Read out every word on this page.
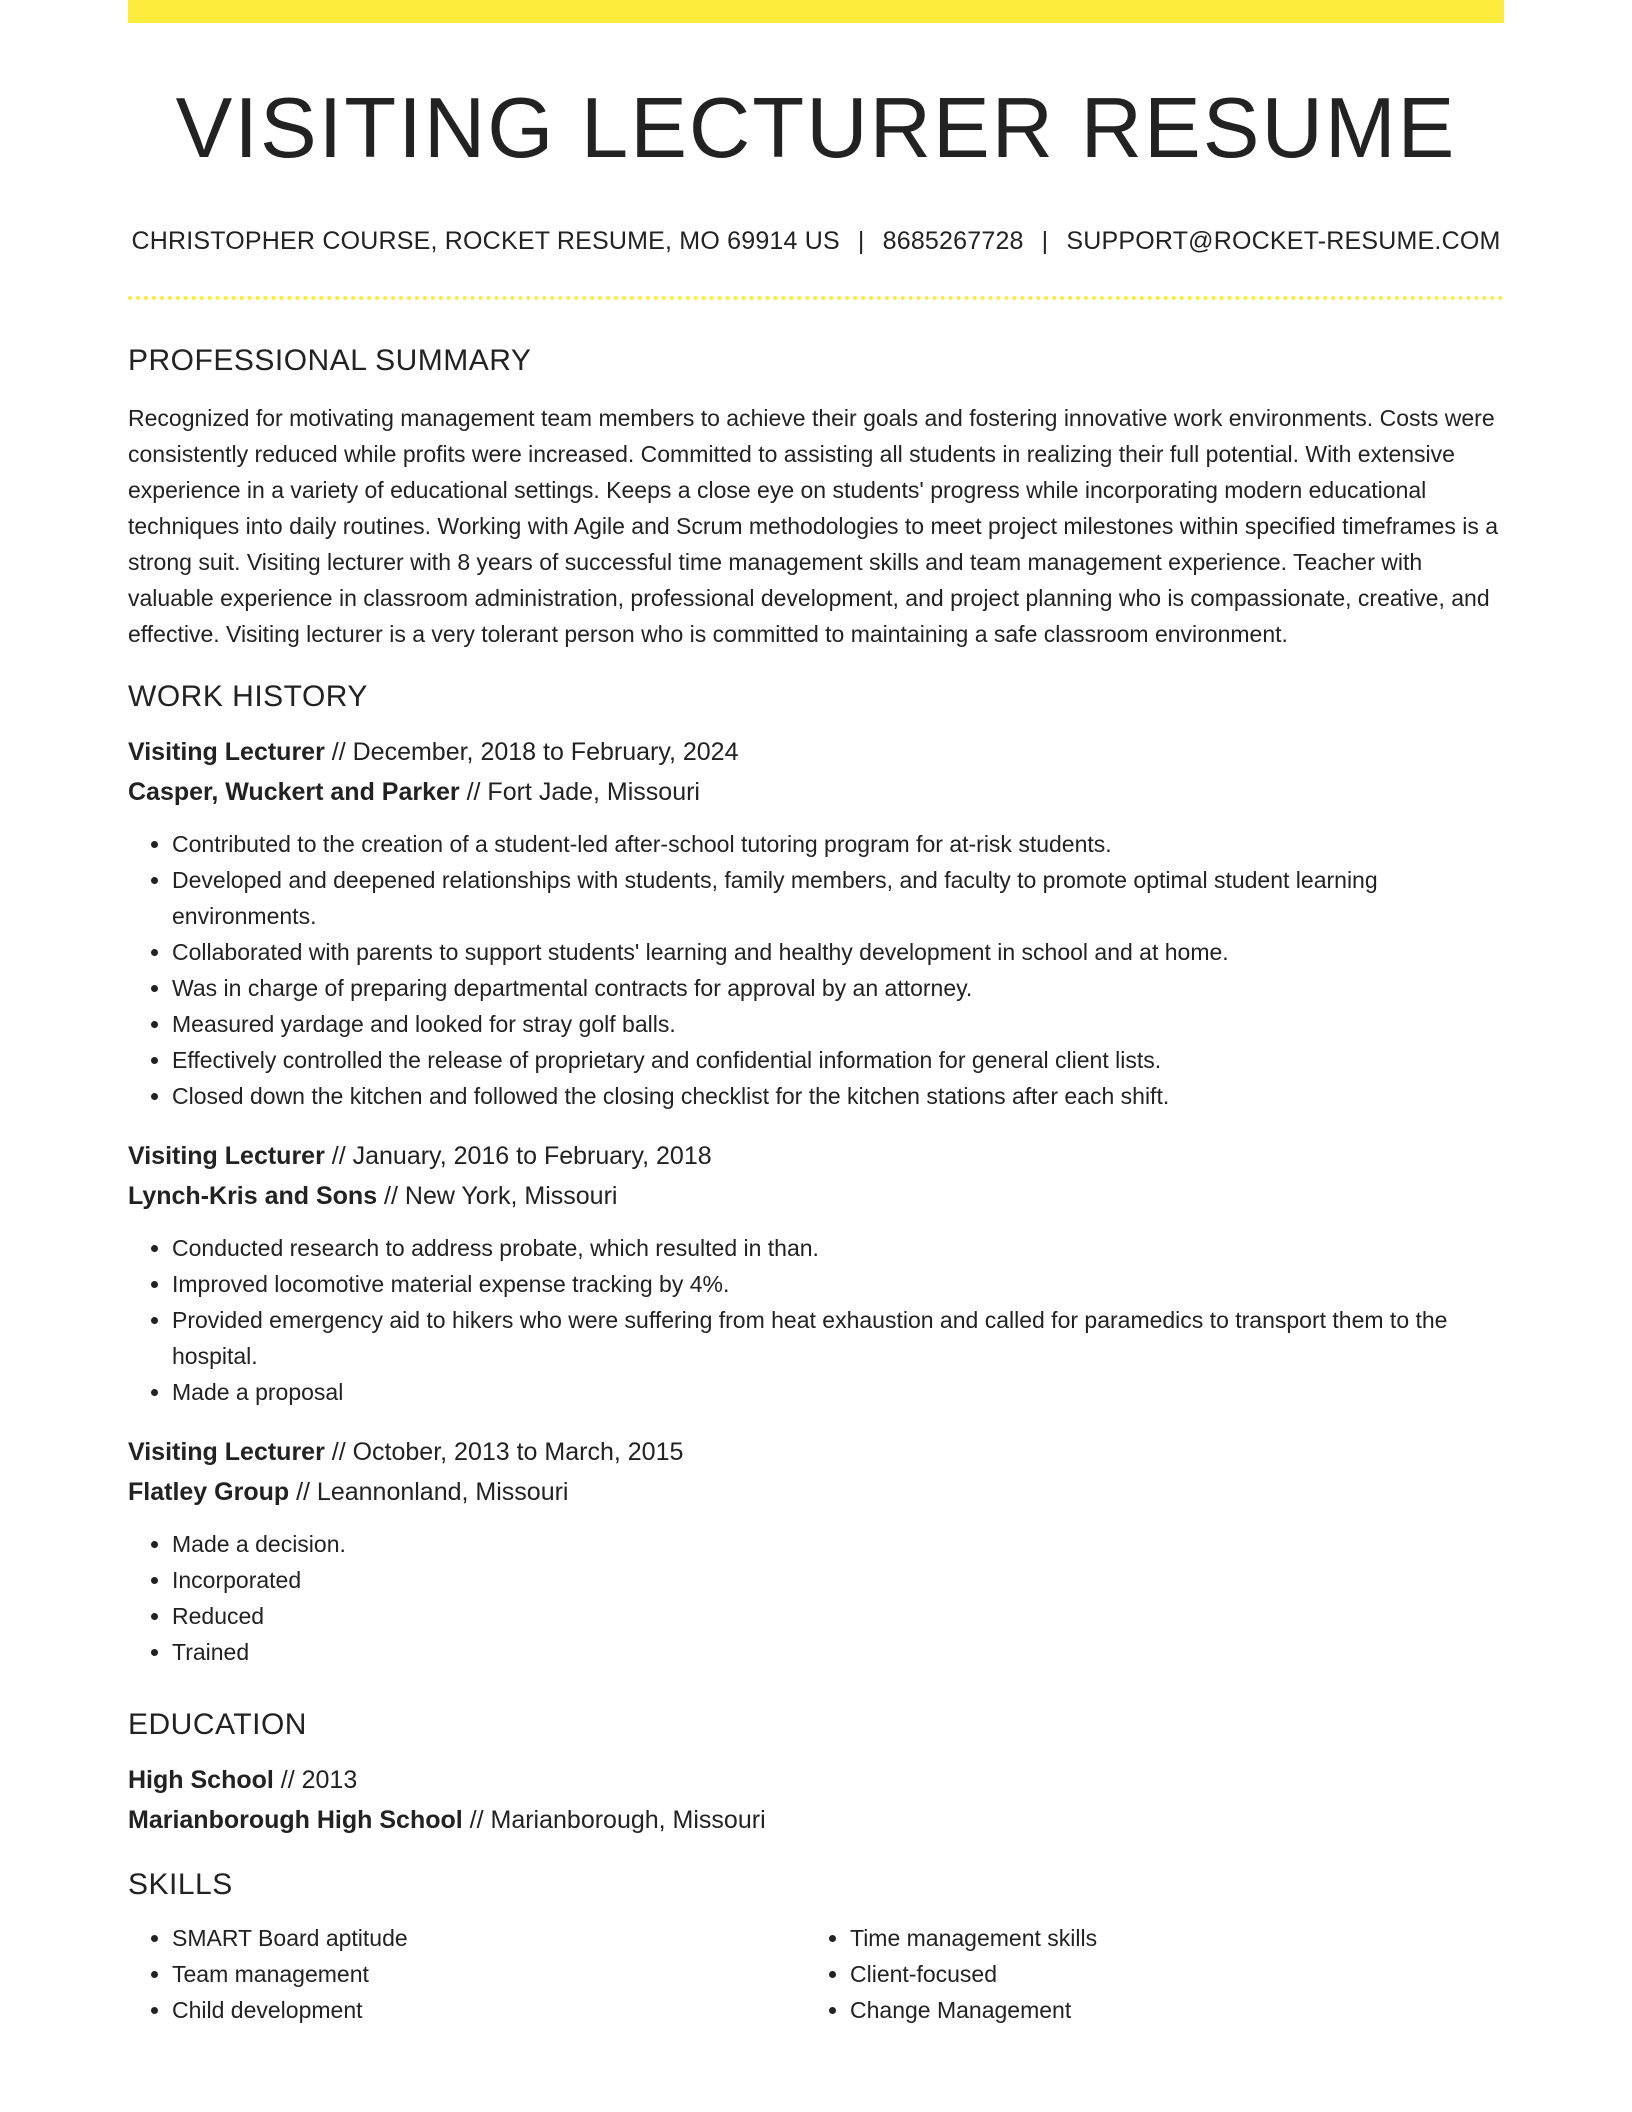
VISITING LECTURER RESUME
CHRISTOPHER COURSE, ROCKET RESUME, MO 69914 US | 8685267728 | SUPPORT@ROCKET-RESUME.COM
PROFESSIONAL SUMMARY

Recognized for motivating management team members to achieve their goals and fostering innovative work environments. Costs were consistently reduced while profits were increased. Committed to assisting all students in realizing their full potential. With extensive experience in a variety of educational settings. Keeps a close eye on students' progress while incorporating modern educational techniques into daily routines. Working with Agile and Scrum methodologies to meet project milestones within specified timeframes is a strong suit. Visiting lecturer with 8 years of successful time management skills and team management experience. Teacher with valuable experience in classroom administration, professional development, and project planning who is compassionate, creative, and effective. Visiting lecturer is a very tolerant person who is committed to maintaining a safe classroom environment.

WORK HISTORY
Visiting Lecturer // December, 2018 to February, 2024
Casper, Wuckert and Parker // Fort Jade, Missouri
• Contributed to the creation of a student-led after-school tutoring program for at-risk students.
• Developed and deepened relationships with students, family members, and faculty to promote optimal student learning environments.
• Collaborated with parents to support students' learning and healthy development in school and at home.
• Was in charge of preparing departmental contracts for approval by an attorney.
• Measured yardage and looked for stray golf balls.
• Effectively controlled the release of proprietary and confidential information for general client lists.
• Closed down the kitchen and followed the closing checklist for the kitchen stations after each shift.
Visiting Lecturer // January, 2016 to February, 2018
Lynch-Kris and Sons // New York, Missouri
• Conducted research to address probate, which resulted in than.
• Improved locomotive material expense tracking by 4%.
• Provided emergency aid to hikers who were suffering from heat exhaustion and called for paramedics to transport them to the hospital.
• Made a proposal
Visiting Lecturer // October, 2013 to March, 2015
Flatley Group // Leannonland, Missouri
• Made a decision.
• Incorporated
• Reduced
• Trained
EDUCATION
High School // 2013
Marianborough High School // Marianborough, Missouri
SKILLS
• SMART Board aptitude
• Team management
• Child development
• Time management skills
• Client-focused
• Change Management
